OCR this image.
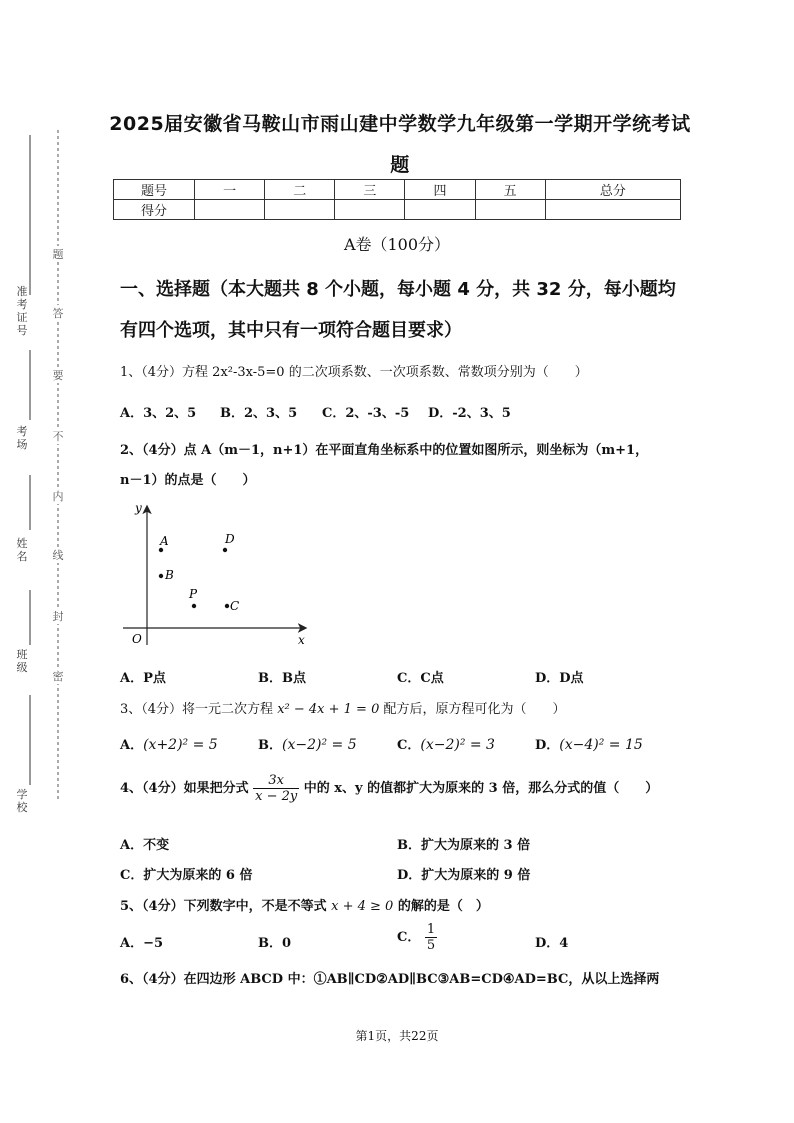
准考证号
考场
姓名
班级
学校
题
答
要
不
内
线
封
密
2025届安徽省马鞍山市雨山建中学数学九年级第一学期开学统考试
题
题号	一	二	三	四	五	总分
得分						
A卷（100分）
一、选择题（本大题共 8 个小题，每小题 4 分，共 32 分，每小题均
有四个选项，其中只有一项符合题目要求）
1、（4分）方程 2x²-3x-5=0 的二次项系数、一次项系数、常数项分别为（　　）
A．3、2、5 B．2、3、5 C．2、-3、-5 D．-2、3、5
2、（4分）点 A（m－1，n+1）在平面直角坐标系中的位置如图所示，则坐标为（m+1，
n－1）的点是（　　）
y
x
O
A
B
D
P
C
A．P点	B．B点	C．C点	D．D点
3、（4分）将一元二次方程 x² − 4x + 1 = 0 配方后，原方程可化为（　　）
A．(x+2)² = 5	B．(x−2)² = 5	C．(x−2)² = 3	D．(x−4)² = 15
4、（4分）如果把分式 $\frac{3x}{x - 2y}$ 中的 x、y 的值都扩大为原来的 3 倍，那么分式的值（　　）
A．不变	B．扩大为原来的 3 倍
C．扩大为原来的 6 倍	D．扩大为原来的 9 倍
5、（4分）下列数字中，不是不等式 x + 4 ≥ 0 的解的是（　）
A．−5	B．0	C． $\frac{1}{5}$	D．4
6、（4分）在四边形 ABCD 中：①AB∥CD②AD∥BC③AB=CD④AD=BC，从以上选择两
第1页，共22页
